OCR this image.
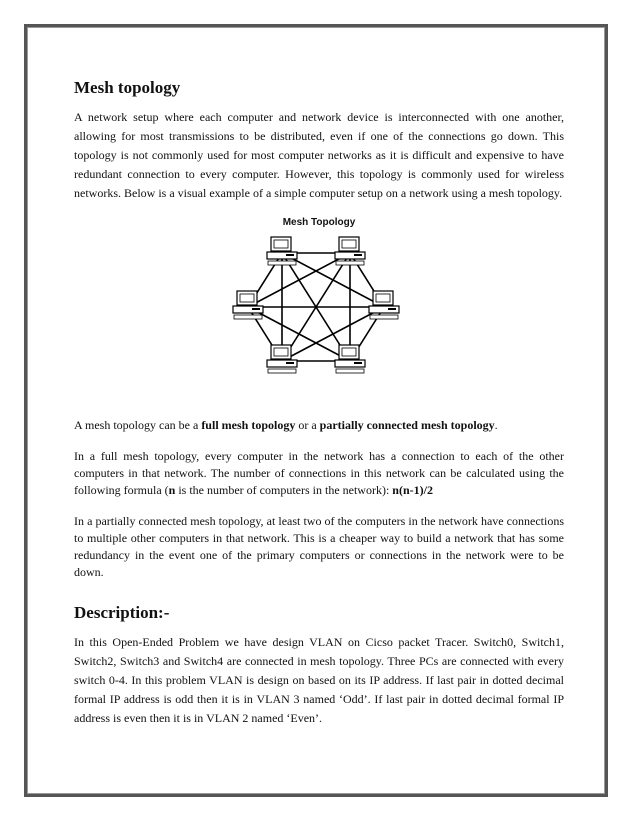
Mesh topology

A network setup where each computer and network device is interconnected with one another, allowing for most transmissions to be distributed, even if one of the connections go down. This topology is not commonly used for most computer networks as it is difficult and expensive to have redundant connection to every computer. However, this topology is commonly used for wireless networks. Below is a visual example of a simple computer setup on a network using a mesh topology.

Mesh Topology

A mesh topology can be a full mesh topology or a partially connected mesh topology.

In a full mesh topology, every computer in the network has a connection to each of the other computers in that network. The number of connections in this network can be calculated using the following formula (n is the number of computers in the network): n(n-1)/2

In a partially connected mesh topology, at least two of the computers in the network have connections to multiple other computers in that network. This is a cheaper way to build a network that has some redundancy in the event one of the primary computers or connections in the network were to be down.

Description:-

In this Open-Ended Problem we have design VLAN on Cicso packet Tracer. Switch0, Switch1, Switch2, Switch3 and Switch4 are connected in mesh topology. Three PCs are connected with every switch 0-4. In this problem VLAN is design on based on its IP address. If last pair in dotted decimal formal IP address is odd then it is in VLAN 3 named ‘Odd’. If last pair in dotted decimal formal IP address is even then it is in VLAN 2 named ‘Even’.
